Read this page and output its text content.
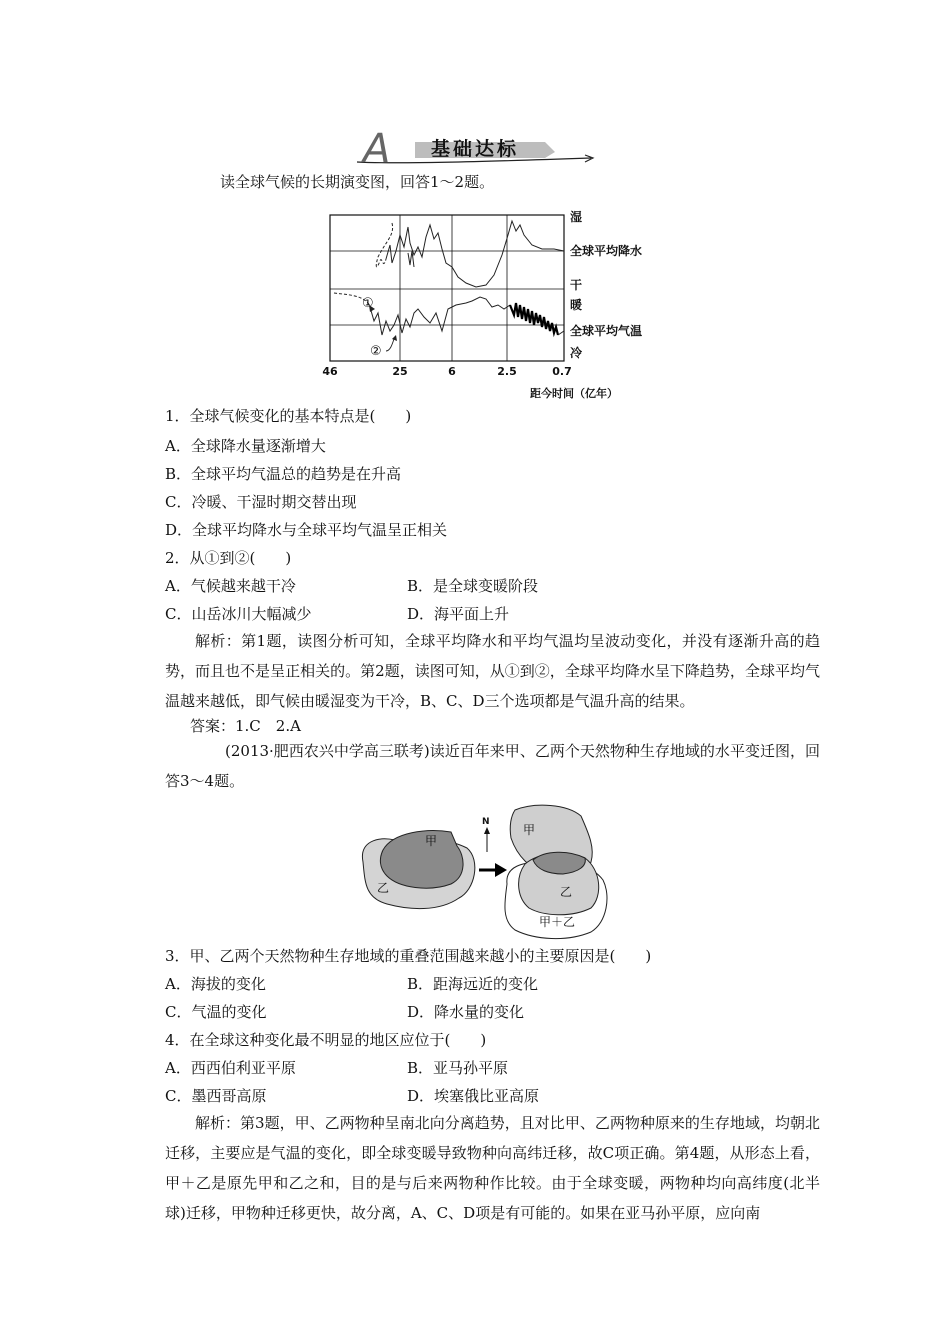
A 基础达标
读全球气候的长期演变图，回答1～2题。
①
②
湿
全球平均降水
干
暖
全球平均气温
冷
46	25	6	2.5	0.7
距今时间（亿年）
1．全球气候变化的基本特点是(　　)
A．全球降水量逐渐增大
B．全球平均气温总的趋势是在升高
C．冷暖、干湿时期交替出现
D．全球平均降水与全球平均气温呈正相关
2．从①到②(　　)
A．气候越来越干冷	B．是全球变暖阶段
C．山岳冰川大幅减少	D．海平面上升
解析：第1题，读图分析可知，全球平均降水和平均气温均呈波动变化，并没有逐渐升高的趋势，而且也不是呈正相关的。第2题，读图可知，从①到②，全球平均降水呈下降趋势，全球平均气温越来越低，即气候由暖湿变为干冷，B、C、D三个选项都是气温升高的结果。
答案：1.C　2.A
(2013·肥西农兴中学高三联考)读近百年来甲、乙两个天然物种生存地域的水平变迁图，回答3～4题。
甲
乙
N
甲
乙
甲＋乙
3．甲、乙两个天然物种生存地域的重叠范围越来越小的主要原因是(　　)
A．海拔的变化	B．距海远近的变化
C．气温的变化	D．降水量的变化
4．在全球这种变化最不明显的地区应位于(　　)
A．西西伯利亚平原	B．亚马孙平原
C．墨西哥高原	D．埃塞俄比亚高原
解析：第3题，甲、乙两物种呈南北向分离趋势，且对比甲、乙两物种原来的生存地域，均朝北迁移，主要应是气温的变化，即全球变暖导致物种向高纬迁移，故C项正确。第4题，从形态上看，甲＋乙是原先甲和乙之和，目的是与后来两物种作比较。由于全球变暖，两物种均向高纬度(北半球)迁移，甲物种迁移更快，故分离，A、C、D项是有可能的。如果在亚马孙平原，应向南
